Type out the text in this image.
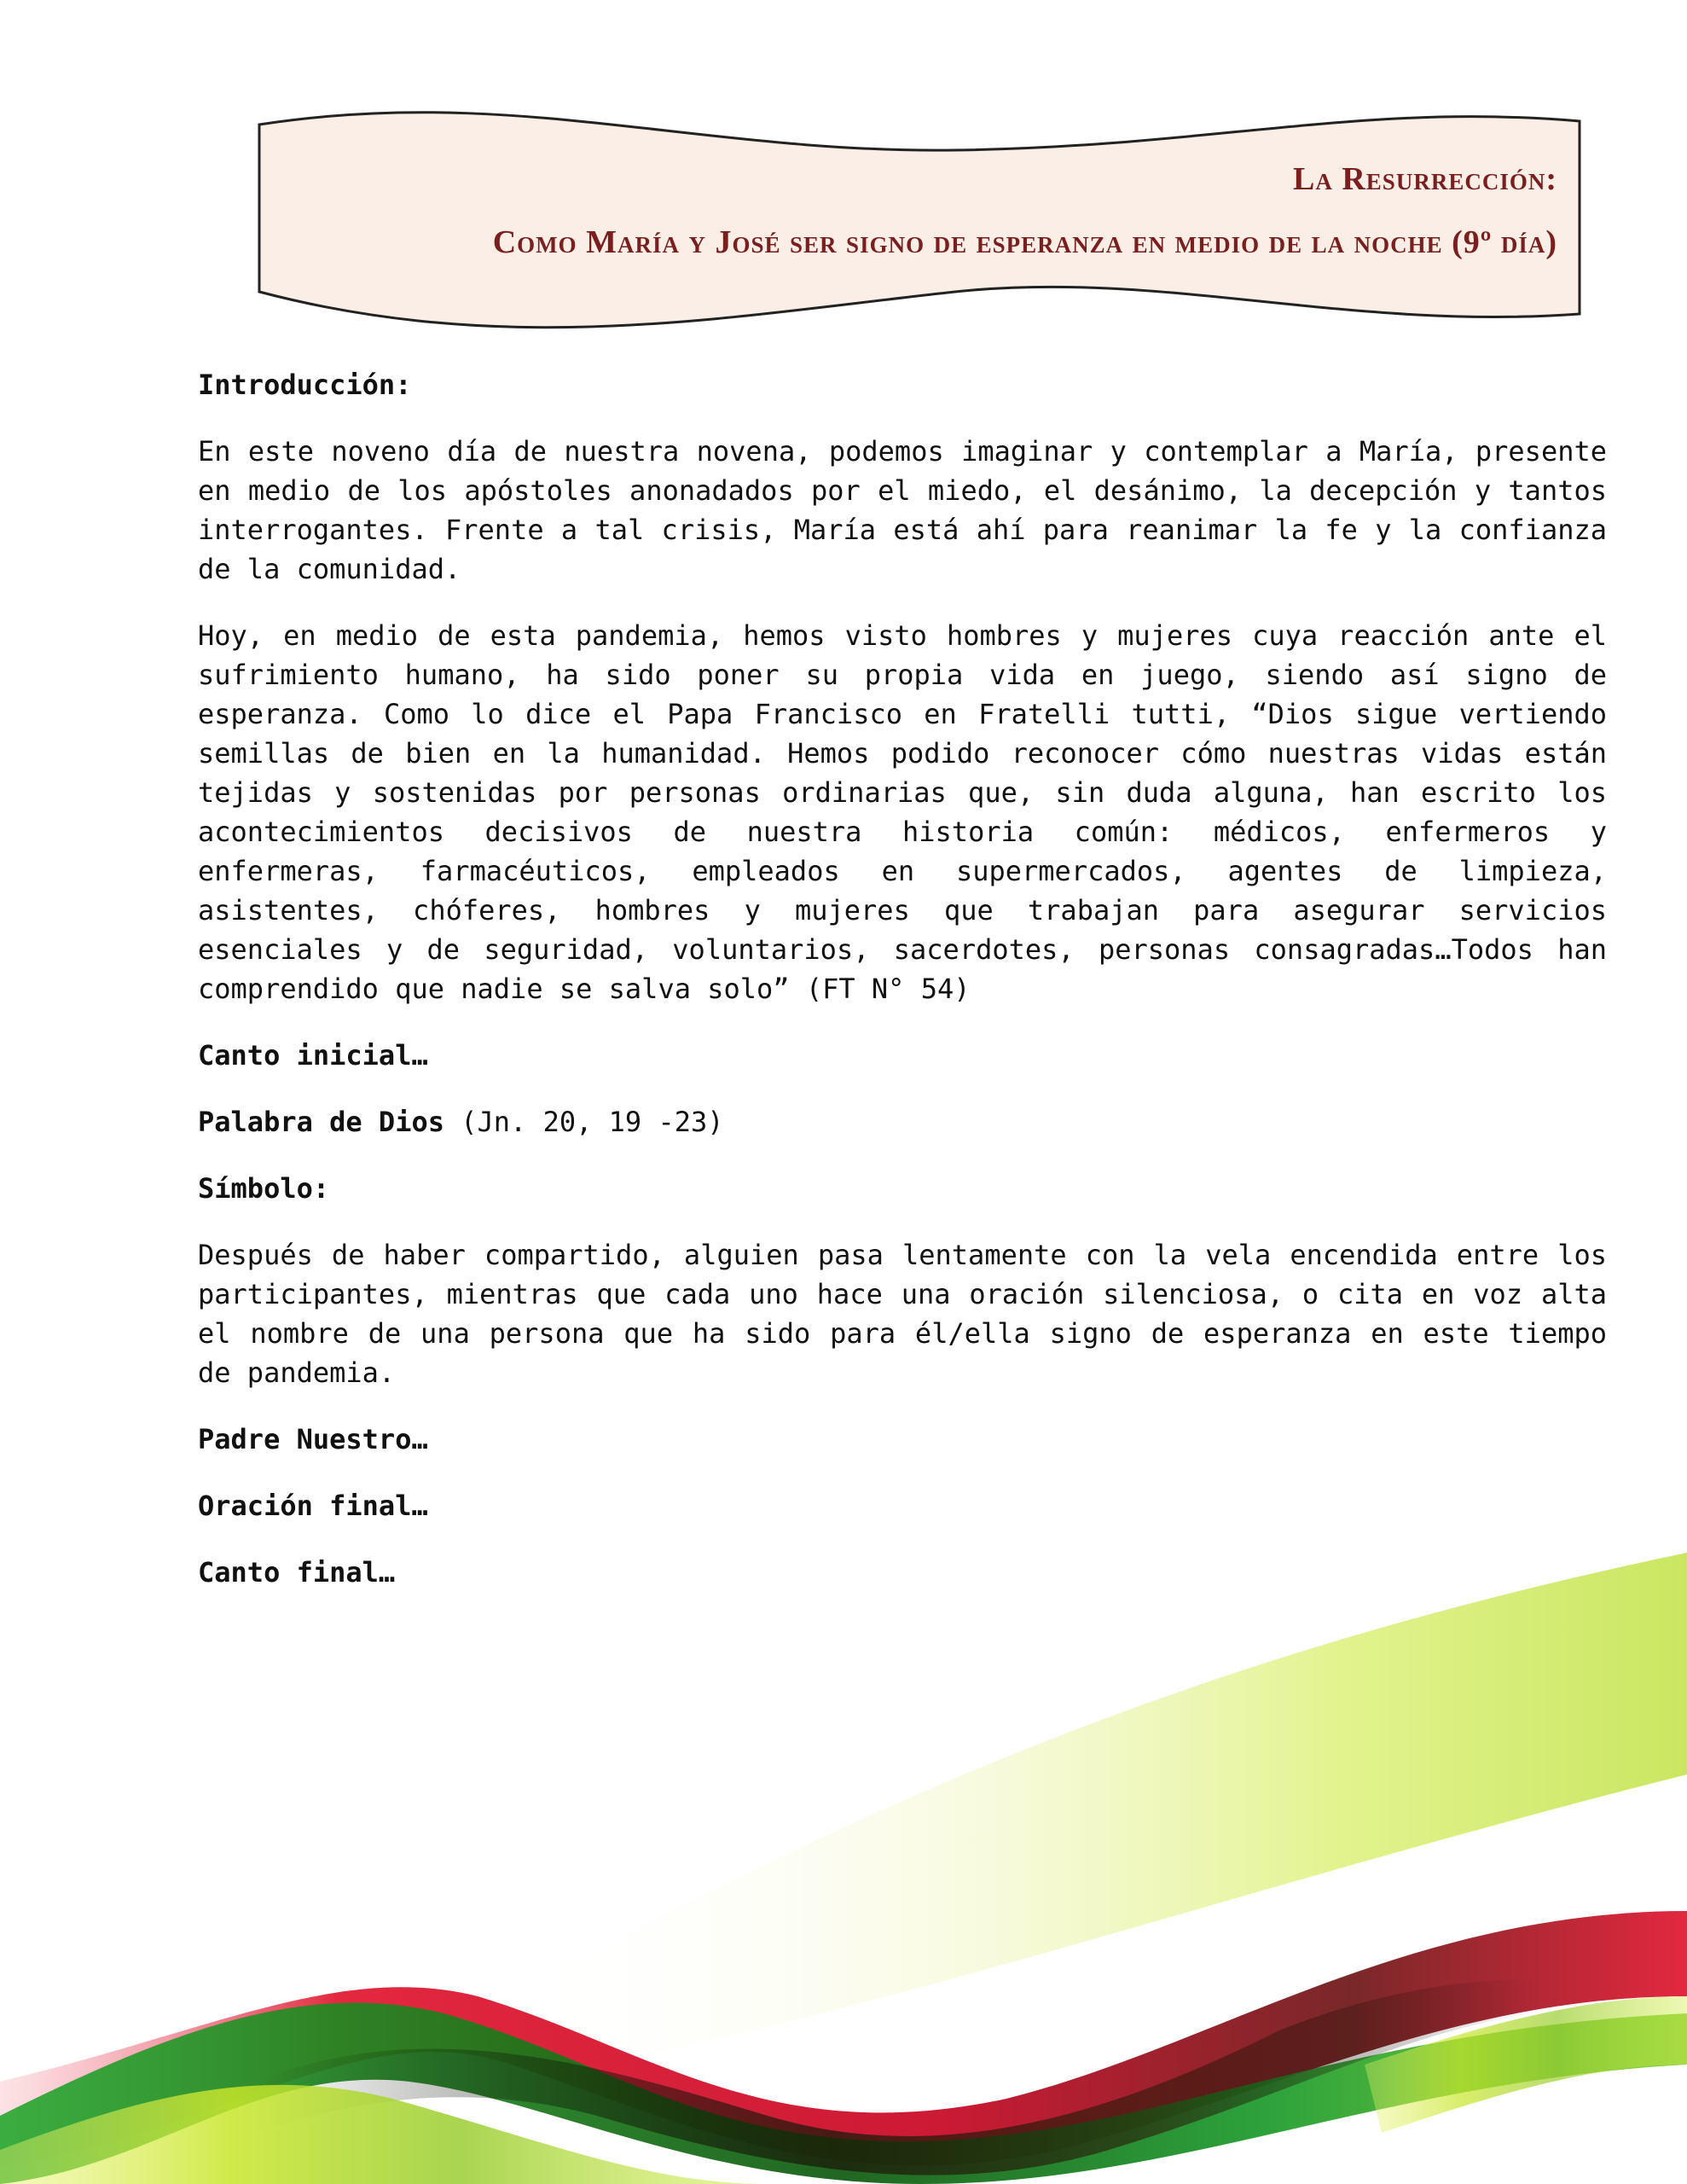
La Resurrección:
Como María y José ser signo de esperanza en medio de la noche (9º día)
Introducción:
En este noveno día de nuestra novena, podemos imaginar y contemplar a María, presente en medio de los apóstoles anonadados por el miedo, el desánimo, la decepción y tantos interrogantes. Frente a tal crisis, María está ahí para reanimar la fe y la confianza de la comunidad.
Hoy, en medio de esta pandemia, hemos visto hombres y mujeres cuya reacción ante el sufrimiento humano, ha sido poner su propia vida en juego, siendo así signo de esperanza. Como lo dice el Papa Francisco en Fratelli tutti, “Dios sigue vertiendo semillas de bien en la humanidad. Hemos podido reconocer cómo nuestras vidas están tejidas y sostenidas por personas ordinarias que, sin duda alguna, han escrito los acontecimientos decisivos de nuestra historia común: médicos, enfermeros y enfermeras, farmacéuticos, empleados en supermercados, agentes de limpieza, asistentes, chóferes, hombres y mujeres que trabajan para asegurar servicios esenciales y de seguridad, voluntarios, sacerdotes, personas consagradas…Todos han comprendido que nadie se salva solo” (FT N° 54)
Canto inicial…
Palabra de Dios (Jn. 20, 19 -23)
Símbolo:
Después de haber compartido, alguien pasa lentamente con la vela encendida entre los participantes, mientras que cada uno hace una oración silenciosa, o cita en voz alta el nombre de una persona que ha sido para él/ella signo de esperanza en este tiempo de pandemia.
Padre Nuestro…
Oración final…
Canto final…
